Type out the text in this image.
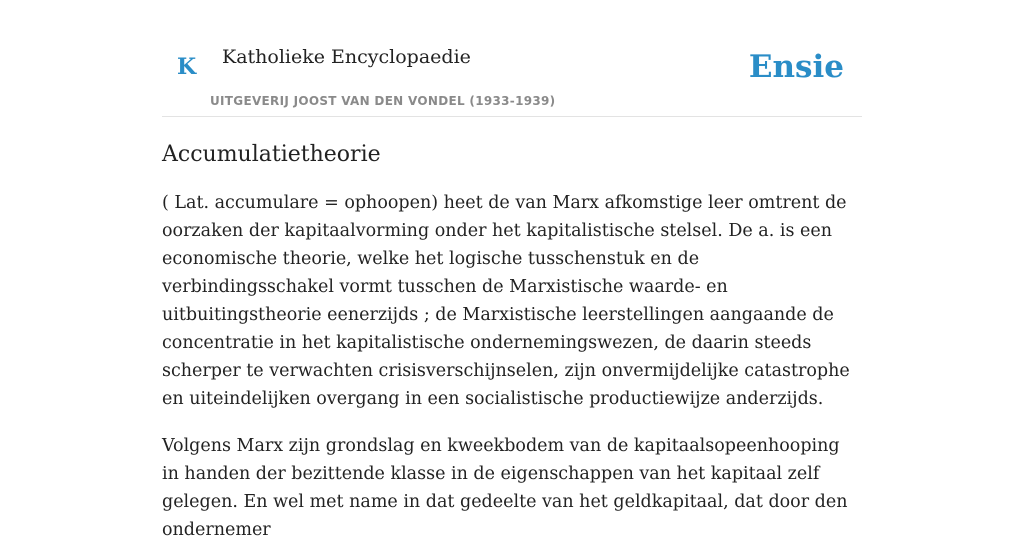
K Katholieke Encyclopaedie
UITGEVERIJ JOOST VAN DEN VONDEL (1933-1939)
Ensie
Accumulatietheorie

( Lat. accumulare = ophoopen) heet de van Marx afkomstige leer omtrent de oorzaken der kapitaalvorming onder het kapitalistische stelsel. De a. is een economische theorie, welke het logische tusschenstuk en de verbindingsschakel vormt tusschen de Marxistische waarde- en uitbuitingstheorie eenerzijds ; de Marxistische leerstellingen aangaande de concentratie in het kapitalistische ondernemingswezen, de daarin steeds scherper te verwachten crisisverschijnselen, zijn onvermijdelijke catastrophe en uiteindelijken overgang in een socialistische productiewijze anderzijds.

Volgens Marx zijn grondslag en kweekbodem van de kapitaalsopeenhooping in handen der bezittende klasse in de eigenschappen van het kapitaal zelf gelegen. En wel met name in dat gedeelte van het geldkapitaal, dat door den ondernemer
